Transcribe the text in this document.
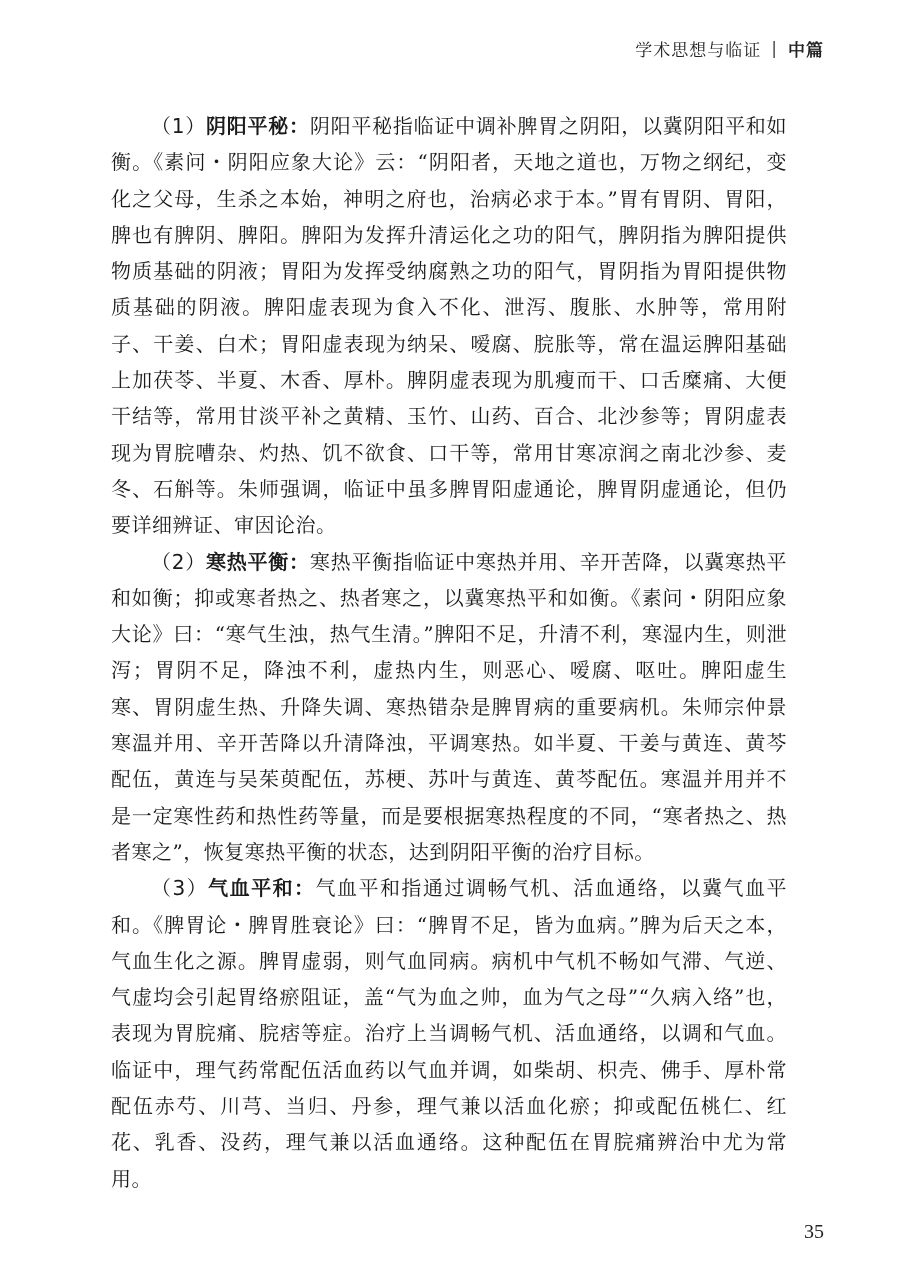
学术思想与临证 | 中篇

（1）阴阳平秘：阴阳平秘指临证中调补脾胃之阴阳，以冀阴阳平和如衡。《素问・阴阳应象大论》云：“阴阳者，天地之道也，万物之纲纪，变化之父母，生杀之本始，神明之府也，治病必求于本。”胃有胃阴、胃阳，脾也有脾阴、脾阳。脾阳为发挥升清运化之功的阳气，脾阴指为脾阳提供物质基础的阴液；胃阳为发挥受纳腐熟之功的阳气，胃阴指为胃阳提供物质基础的阴液。脾阳虚表现为食入不化、泄泻、腹胀、水肿等，常用附子、干姜、白术；胃阳虚表现为纳呆、嗳腐、脘胀等，常在温运脾阳基础上加茯苓、半夏、木香、厚朴。脾阴虚表现为肌瘦而干、口舌糜痛、大便干结等，常用甘淡平补之黄精、玉竹、山药、百合、北沙参等；胃阴虚表现为胃脘嘈杂、灼热、饥不欲食、口干等，常用甘寒凉润之南北沙参、麦冬、石斛等。朱师强调，临证中虽多脾胃阳虚通论，脾胃阴虚通论，但仍要详细辨证、审因论治。

（2）寒热平衡：寒热平衡指临证中寒热并用、辛开苦降，以冀寒热平和如衡；抑或寒者热之、热者寒之，以冀寒热平和如衡。《素问・阴阳应象大论》曰：“寒气生浊，热气生清。”脾阳不足，升清不利，寒湿内生，则泄泻；胃阴不足，降浊不利，虚热内生，则恶心、嗳腐、呕吐。脾阳虚生寒、胃阴虚生热、升降失调、寒热错杂是脾胃病的重要病机。朱师宗仲景寒温并用、辛开苦降以升清降浊，平调寒热。如半夏、干姜与黄连、黄芩配伍，黄连与吴茱萸配伍，苏梗、苏叶与黄连、黄芩配伍。寒温并用并不是一定寒性药和热性药等量，而是要根据寒热程度的不同，“寒者热之、热者寒之”，恢复寒热平衡的状态，达到阴阳平衡的治疗目标。

（3）气血平和：气血平和指通过调畅气机、活血通络，以冀气血平和。《脾胃论・脾胃胜衰论》曰：“脾胃不足，皆为血病。”脾为后天之本，气血生化之源。脾胃虚弱，则气血同病。病机中气机不畅如气滞、气逆、气虚均会引起胃络瘀阻证，盖“气为血之帅，血为气之母”“久病入络”也，表现为胃脘痛、脘痞等症。治疗上当调畅气机、活血通络，以调和气血。临证中，理气药常配伍活血药以气血并调，如柴胡、枳壳、佛手、厚朴常配伍赤芍、川芎、当归、丹参，理气兼以活血化瘀；抑或配伍桃仁、红花、乳香、没药，理气兼以活血通络。这种配伍在胃脘痛辨治中尤为常用。

35
